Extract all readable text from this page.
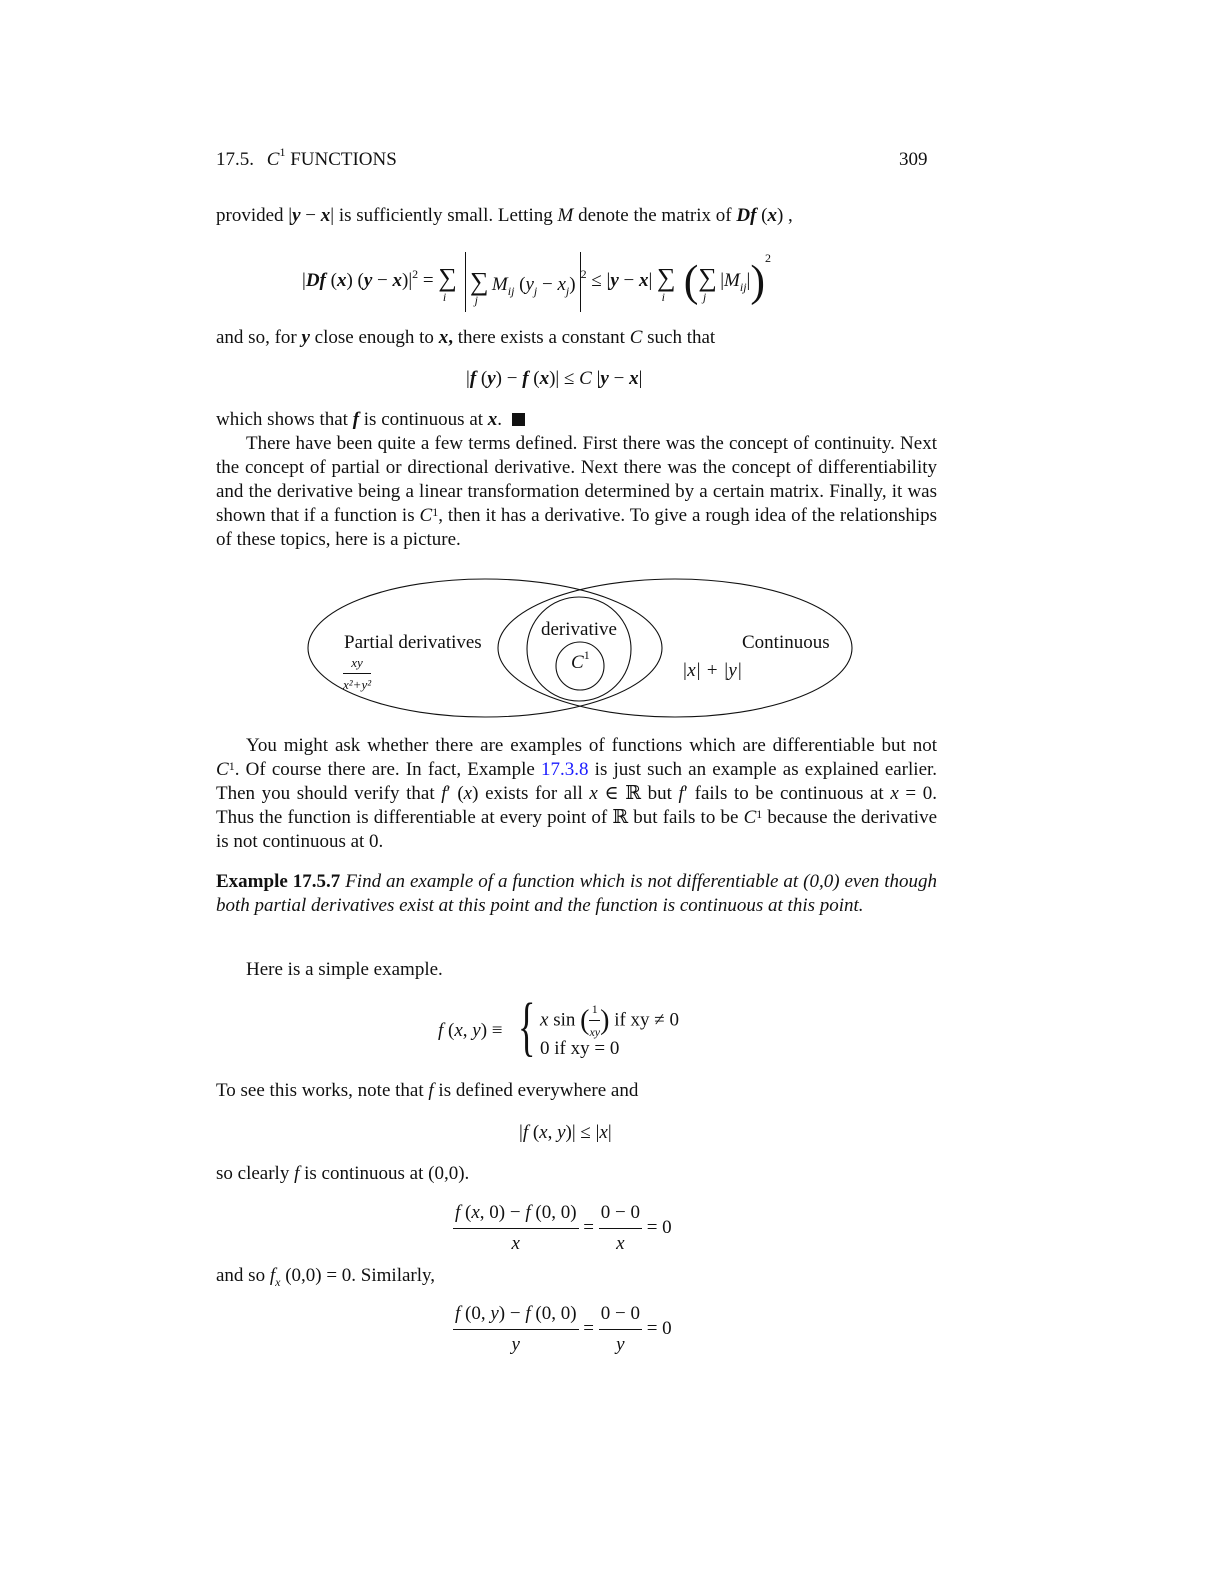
17.5. $C^1$ FUNCTIONS	309
provided |y − x| is sufficiently small. Letting M denote the matrix of Df (x) ,
|Df (x) $(y - x)|^2 = \sum_i$ $\sum_jM_{ij}$ $(y_j - x_j)^2 \le |y - x|$ $\sum_i$ $(\sum_j|M_{ij}|)^2$
and so, for y close enough to x, there exists a constant C such that
|f (y) − f (x)| ≤ C |y − x|
which shows that f is continuous at x.
There have been quite a few terms defined. First there was the concept of continuity. Next the concept of partial or directional derivative. Next there was the concept of differentiability and the derivative being a linear transformation determined by a certain matrix. Finally, it was shown that if a function is $C^1$, then it has a derivative. To give a rough idea of the relationships of these topics, here is a picture.
Partial derivatives
$\frac{xy}{\text{x²+y²}}$
derivative
$C^1$
Continuous
|x| + |y|
You might ask whether there are examples of functions which are differentiable but not $C^1$. Of course there are. In fact, Example 17.3.8 is just such an example as explained earlier. Then you should verify that f′ (x) exists for all x ∈ ℝ but f′ fails to be continuous at x = 0. Thus the function is differentiable at every point of ℝ but fails to be $C^1$ because the derivative is not continuous at 0.
Example 17.5.7 Find an example of a function which is not differentiable at (0,0) even though both partial derivatives exist at this point and the function is continuous at this point.
Here is a simple example.
f (x, y) ≡ { x sin ( $\frac{1}{xy}$ ) if xy ≠ 0
0 if xy = 0
To see this works, note that f is defined everywhere and
|f (x, y)| ≤ |x|
so clearly f is continuous at (0,0).
$\frac{f (x, 0) - f (0, 0)}{x} = \frac{0 - 0}{x} = 0$
and so $f_x$ (0,0) = 0. Similarly,
$\frac{f (0, y) - f (0, 0)}{y} = \frac{0 - 0}{y} = 0$
